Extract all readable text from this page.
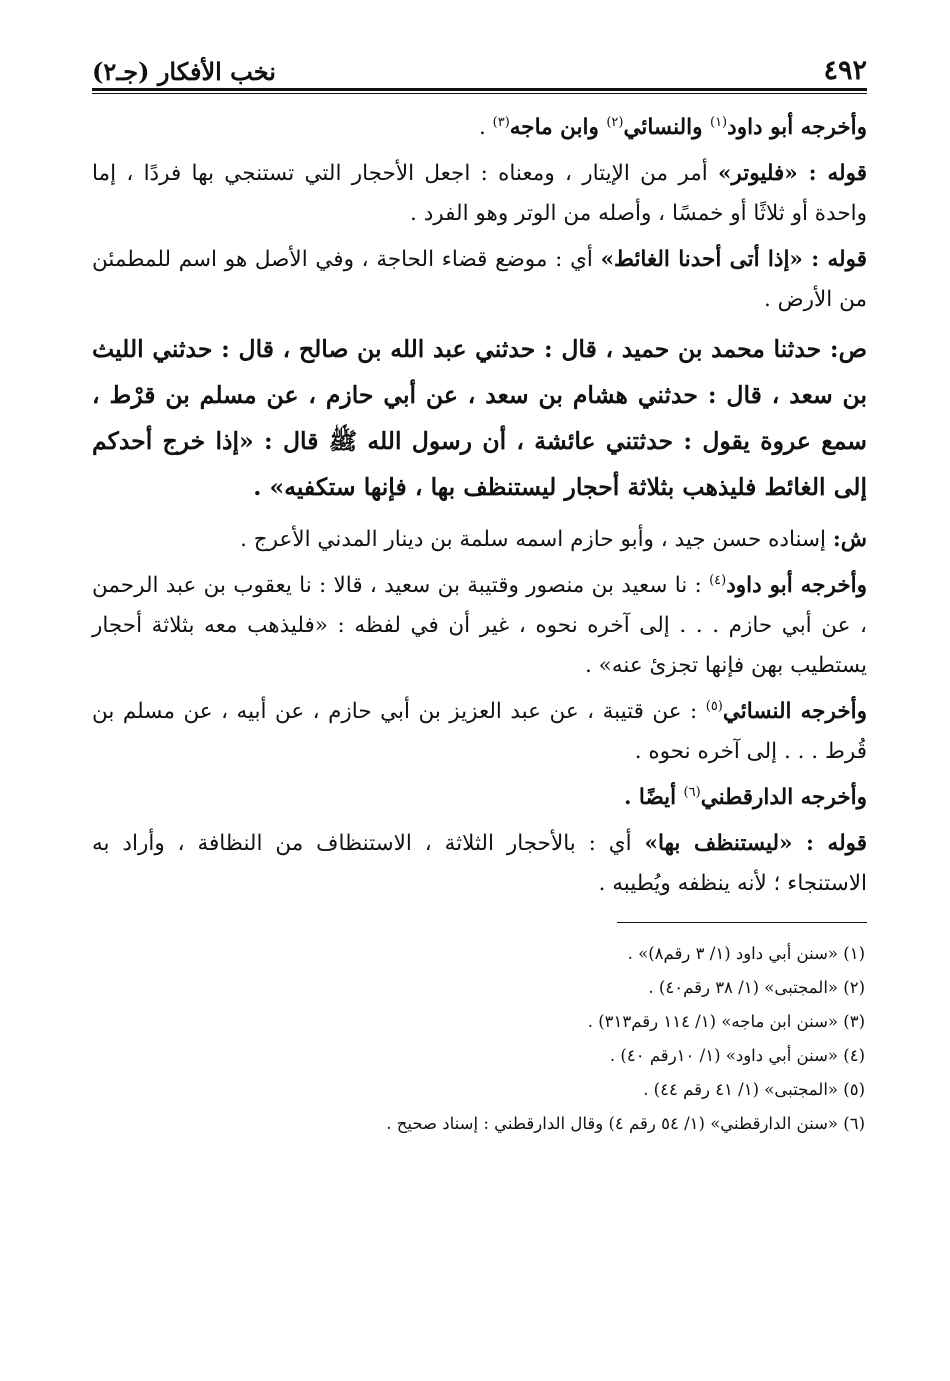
٤٩٢
نخب الأفكار (جـ٢)

وأخرجه أبو داود$^{(١)}$ والنسائي$^{(٢)}$ وابن ماجه$^{(٣)}$ .

قوله : «فليوتر» أمر من الإيتار ، ومعناه : اجعل الأحجار التي تستنجي بها فردًا ، إما واحدة أو ثلاثًا أو خمسًا ، وأصله من الوتر وهو الفرد .

قوله : «إذا أتى أحدنا الغائط» أي : موضع قضاء الحاجة ، وفي الأصل هو اسم للمطمئن من الأرض .

ص: حدثنا محمد بن حميد ، قال : حدثني عبد الله بن صالح ، قال : حدثني الليث بن سعد ، قال : حدثني هشام بن سعد ، عن أبي حازم ، عن مسلم بن قرْط ، سمع عروة يقول : حدثتني عائشة ، أن رسول الله ﷺ قال : «إذا خرج أحدكم إلى الغائط فليذهب بثلاثة أحجار ليستنظف بها ، فإنها ستكفيه» .

ش: إسناده حسن جيد ، وأبو حازم اسمه سلمة بن دينار المدني الأعرج .

وأخرجه أبو داود$^{(٤)}$ : نا سعيد بن منصور وقتيبة بن سعيد ، قالا : نا يعقوب بن عبد الرحمن ، عن أبي حازم . . . إلى آخره نحوه ، غير أن في لفظه : «فليذهب معه بثلاثة أحجار يستطيب بهن فإنها تجزئ عنه» .

وأخرجه النسائي$^{(٥)}$ : عن قتيبة ، عن عبد العزيز بن أبي حازم ، عن أبيه ، عن مسلم بن قُرط . . . إلى آخره نحوه .

وأخرجه الدارقطني$^{(٦)}$ أيضًا .

قوله : «ليستنظف بها» أي : بالأحجار الثلاثة ، الاستنظاف من النظافة ، وأراد به الاستنجاء ؛ لأنه ينظفه ويُطيبه .

(١) «سنن أبي داود (١/ ٣ رقم٨)» .
(٢) «المجتبى» (١/ ٣٨ رقم٤٠) .
(٣) «سنن ابن ماجه» (١/ ١١٤ رقم٣١٣) .
(٤) «سنن أبي داود» (١/ ١٠رقم ٤٠) .
(٥) «المجتبى» (١/ ٤١ رقم ٤٤) .
(٦) «سنن الدارقطني» (١/ ٥٤ رقم ٤) وقال الدارقطني : إسناد صحيح .
